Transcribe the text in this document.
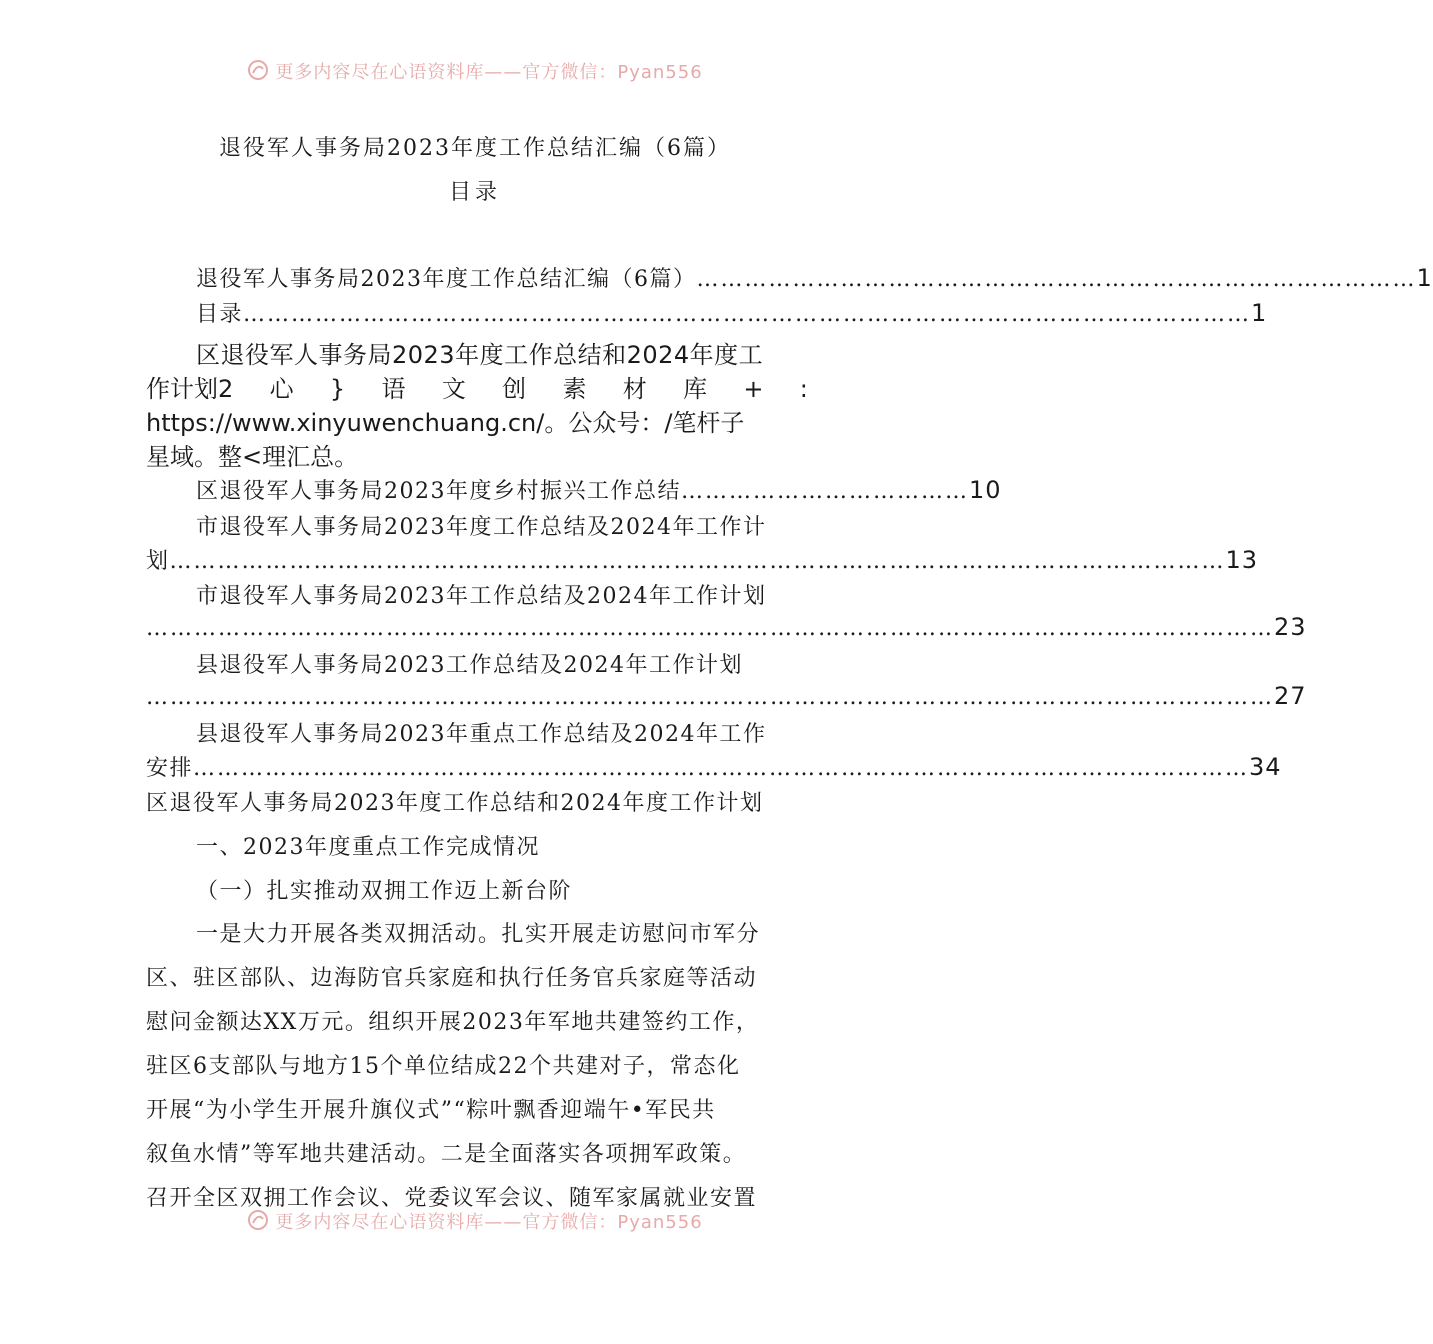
更多内容尽在心语资料库——官方微信：Pyan556
退役军人事务局2023年度工作总结汇编（6篇）
目录
退役军人事务局2023年度工作总结汇编（6篇） ……………………………………………………………………………… 1
目录 ……………………………………………………………………………………………………………… 1
区退役军人事务局2023年度工作总结和2024年度工
作计划2 心 } 语 文 创 素 材 库 + :
https://www.xinyuwenchuang.cn/。公众号：/笔杆子
星域。整<理汇总。
区退役军人事务局2023年度乡村振兴工作总结 ……………………………… 10
市退役军人事务局2023年度工作总结及2024年工作计
划 …………………………………………………………………………………………………………………… 13
市退役军人事务局2023年工作总结及2024年工作计划
…………………………………………………………………………………………………………………………… 23
县退役军人事务局2023工作总结及2024年工作计划
…………………………………………………………………………………………………………………………… 27
县退役军人事务局2023年重点工作总结及2024年工作
安排 …………………………………………………………………………………………………………………… 34
区退役军人事务局2023年度工作总结和2024年度工作计划
一、2023年度重点工作完成情况
（一）扎实推动双拥工作迈上新台阶
一是大力开展各类双拥活动。扎实开展走访慰问市军分
区、驻区部队、边海防官兵家庭和执行任务官兵家庭等活动
慰问金额达XX万元。组织开展2023年军地共建签约工作，
驻区6支部队与地方15个单位结成22个共建对子，常态化
开展“为小学生开展升旗仪式”“粽叶飘香迎端午•军民共
叙鱼水情”等军地共建活动。二是全面落实各项拥军政策。
召开全区双拥工作会议、党委议军会议、随军家属就业安置
更多内容尽在心语资料库——官方微信：Pyan556
